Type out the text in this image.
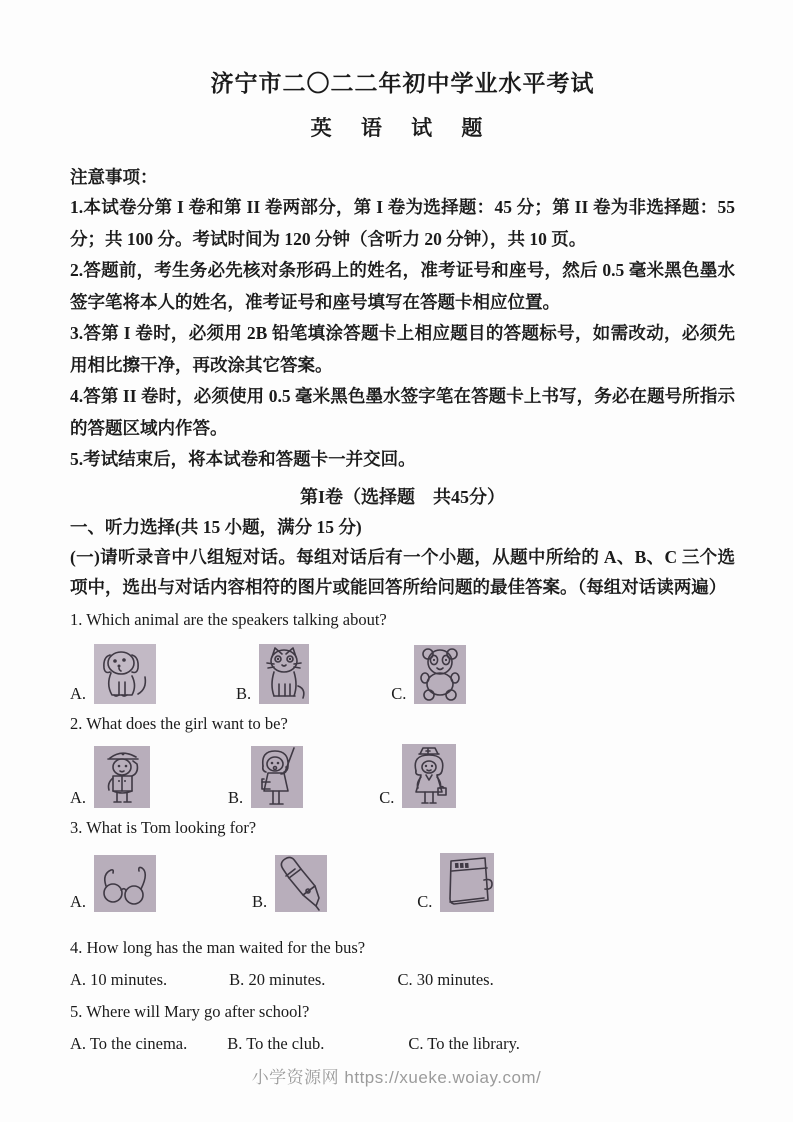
济宁市二〇二二年初中学业水平考试
英 语 试 题

注意事项：

1.本试卷分第 I 卷和第 II 卷两部分，第 I 卷为选择题：45 分；第 II 卷为非选择题：55 分；共 100 分。考试时间为 120 分钟（含听力 20 分钟），共 10 页。

2.答题前，考生务必先核对条形码上的姓名，准考证号和座号，然后 0.5 毫米黑色墨水签字笔将本人的姓名，准考证号和座号填写在答题卡相应位置。

3.答第 I 卷时，必须用 2B 铅笔填涂答题卡上相应题目的答题标号，如需改动，必须先用相比擦干净，再改涂其它答案。

4.答第 II 卷时，必须使用 0.5 毫米黑色墨水签字笔在答题卡上书写，务必在题号所指示的答题区域内作答。

5.考试结束后，将本试卷和答题卡一并交回。

第I卷（选择题　共45分）

一、听力选择(共 15 小题，满分 15 分)

(一)请听录音中八组短对话。每组对话后有一个小题，从题中所给的 A、B、C 三个选项中，选出与对话内容相符的图片或能回答所给问题的最佳答案。（每组对话读两遍）

1. Which animal are the speakers talking about?

A.	B.	C.

2. What does the girl want to be?

A.	B.	C.

3. What is Tom looking for?

A.	B.	C.

4. How long has the man waited for the bus?

A. 10 minutes.	B. 20 minutes.	C. 30 minutes.

5. Where will Mary go after school?

A. To the cinema. B. To the club.	C. To the library.

小学资源网 https://xueke.woiay.com/
